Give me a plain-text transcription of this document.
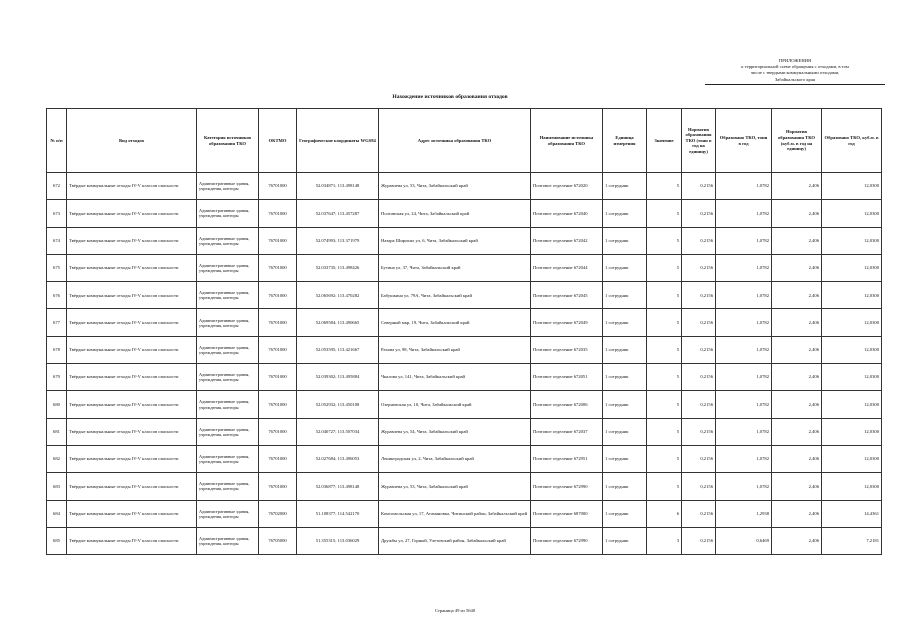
ПРИЛОЖЕНИЯ
к территориальной схеме обращения с отходами, в том
числе с твердыми коммунальными отходами,
Забайкальского края
Нахождение источников образования отходов
№ п/п	Вид отходов	Категория источников образования ТКО	ОКТМО	Географические координаты WGS84	Адрес источника образования ТКО	Наименование источника образования ТКО	Единица измерения	Значение	Норматив образования ТКО (тонн в год на единицу)	Образовано ТКО, тонн в год	Норматив образования ТКО (куб.м. в год на единицу)	Образовано ТКО, куб.м. в год
672	Твёрдые коммунальные отходы IV-V классов опасности	Административные здания, учреждения, конторы	76701000	52.034871; 113.498148	Журавлева ул, 53, Чита, Забайкальский край	Почтовое отделение 672020	1 сотрудник	5	0,2156	1,0782	2,406	12,0300
673	Твёрдые коммунальные отходы IV-V классов опасности	Административные здания, учреждения, конторы	76701000	52.037647; 113.457287	Полтавская ул, 24, Чита, Забайкальский край	Почтовое отделение 672040	1 сотрудник	5	0,2156	1,0782	2,406	12,0300
674	Твёрдые коммунальные отходы IV-V классов опасности	Административные здания, учреждения, конторы	76701000	52.074993; 113.371979	Назара Широких ул, 6, Чита, Забайкальский край	Почтовое отделение 672042	1 сотрудник	5	0,2156	1,0782	2,406	12,0300
675	Твёрдые коммунальные отходы IV-V классов опасности	Административные здания, учреждения, конторы	76701000	52.033735; 113.498426	Бутина ул, 37, Чита, Забайкальский край	Почтовое отделение 672044	1 сотрудник	5	0,2156	1,0782	2,406	12,0300
676	Твёрдые коммунальные отходы IV-V классов опасности	Административные здания, учреждения, конторы	76701000	52.065692; 113.470282	Бабушкина ул, 79А, Чита, Забайкальский край	Почтовое отделение 672045	1 сотрудник	5	0,2156	1,0782	2,406	12,0300
677	Твёрдые коммунальные отходы IV-V классов опасности	Административные здания, учреждения, конторы	76701000	52.069584; 113.490665	Северный мкр, 19, Чита, Забайкальский край	Почтовое отделение 672049	1 сотрудник	5	0,2156	1,0782	2,406	12,0300
678	Твёрдые коммунальные отходы IV-V классов опасности	Административные здания, учреждения, конторы	76701000	52.053595; 113.421667	Рахова ул, 98, Чита, Забайкальский край	Почтовое отделение 672035	1 сотрудник	5	0,2156	1,0782	2,406	12,0300
679	Твёрдые коммунальные отходы IV-V классов опасности	Административные здания, учреждения, конторы	76701000	52.039302; 113.495884	Чкалова ул, 141, Чита, Забайкальский край	Почтовое отделение 672051	1 сотрудник	5	0,2156	1,0782	2,406	12,0300
680	Твёрдые коммунальные отходы IV-V классов опасности	Административные здания, учреждения, конторы	76701000	52.052932; 113.450108	Озерновская ул, 10, Чита, Забайкальский край	Почтовое отделение 672006	1 сотрудник	5	0,2156	1,0782	2,406	12,0300
681	Твёрдые коммунальные отходы IV-V классов опасности	Административные здания, учреждения, конторы	76701000	52.040727; 113.507034	Журавлева ул, 54, Чита, Забайкальский край	Почтовое отделение 672037	1 сотрудник	5	0,2156	1,0782	2,406	12,0300
682	Твёрдые коммунальные отходы IV-V классов опасности	Административные здания, учреждения, конторы	76701000	52.027684; 113.496053	Ленинградская ул, 2, Чита, Забайкальский край	Почтовое отделение 672951	1 сотрудник	5	0,2156	1,0782	2,406	12,0300
683	Твёрдые коммунальные отходы IV-V классов опасности	Административные здания, учреждения, конторы	76701000	52.036877; 113.498148	Журавлева ул, 53, Чита, Забайкальский край	Почтовое отделение 672990	1 сотрудник	5	0,2156	1,0782	2,406	12,0300
684	Твёрдые коммунальные отходы IV-V классов опасности	Административные здания, учреждения, конторы	76702000	51.108377; 114.542170	Комсомольская ул, 17, Атамановка, Читинский район, Забайкальский край	Почтовое отделение 687000	1 сотрудник	6	0,2156	1,2938	2,406	14,4361
685	Твёрдые коммунальные отходы IV-V классов опасности	Административные здания, учреждения, конторы	76705000	51.355315; 113.036029	Дружбы ул, 27, Горный, Улетовский район, Забайкальский край	Почтовое отделение 672990	1 сотрудник	3	0,2156	0,6469	2,406	7,2181
Страница 49 из 5640
